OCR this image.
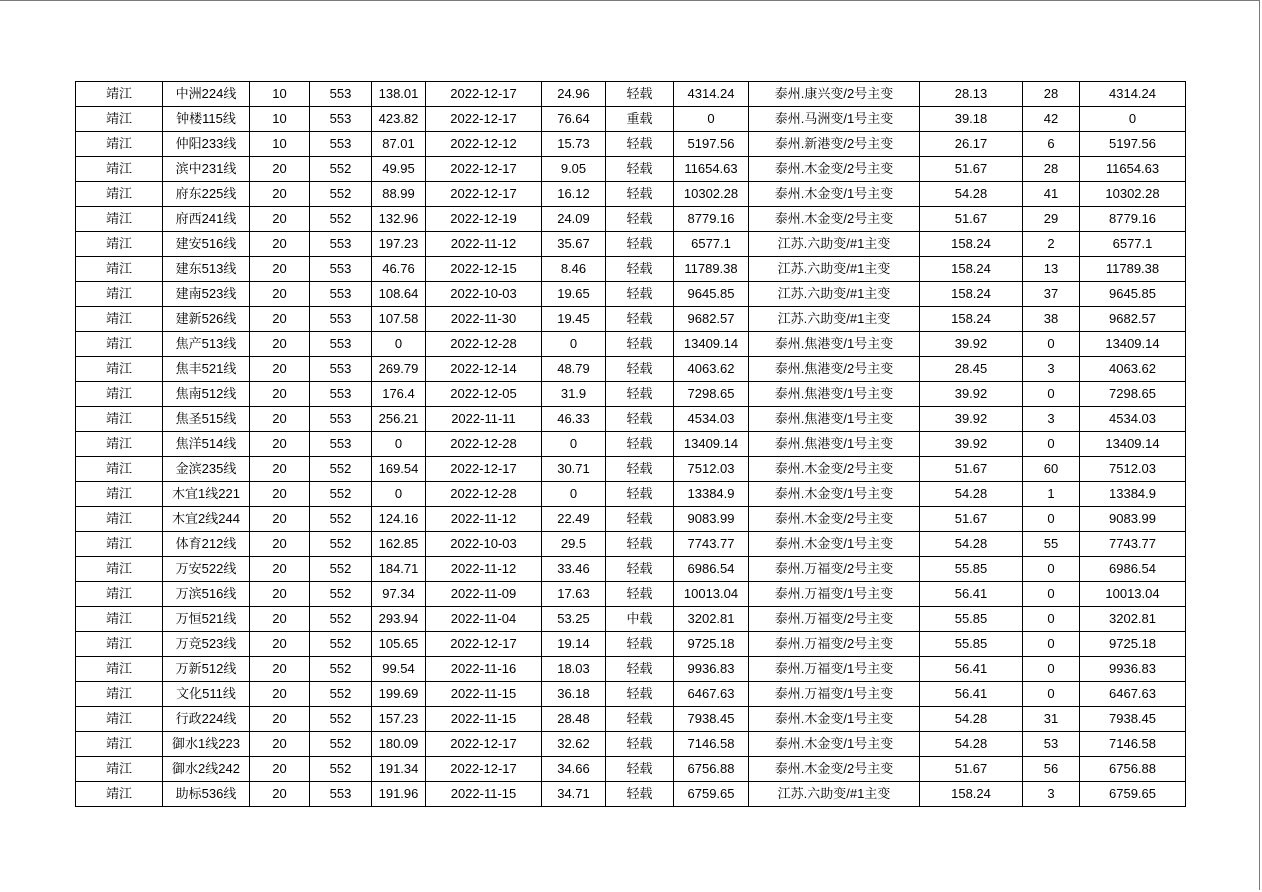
靖江	中洲224线	10	553	138.01	2022-12-17	24.96	轻载	4314.24	泰州.康兴变/2号主变	28.13	28	4314.24
靖江	钟楼115线	10	553	423.82	2022-12-17	76.64	重载	0	泰州.马洲变/1号主变	39.18	42	0
靖江	仲阳233线	10	553	87.01	2022-12-12	15.73	轻载	5197.56	泰州.新港变/2号主变	26.17	6	5197.56
靖江	滨中231线	20	552	49.95	2022-12-17	9.05	轻载	11654.63	泰州.木金变/2号主变	51.67	28	11654.63
靖江	府东225线	20	552	88.99	2022-12-17	16.12	轻载	10302.28	泰州.木金变/1号主变	54.28	41	10302.28
靖江	府西241线	20	552	132.96	2022-12-19	24.09	轻载	8779.16	泰州.木金变/2号主变	51.67	29	8779.16
靖江	建安516线	20	553	197.23	2022-11-12	35.67	轻载	6577.1	江苏.六助变/#1主变	158.24	2	6577.1
靖江	建东513线	20	553	46.76	2022-12-15	8.46	轻载	11789.38	江苏.六助变/#1主变	158.24	13	11789.38
靖江	建南523线	20	553	108.64	2022-10-03	19.65	轻载	9645.85	江苏.六助变/#1主变	158.24	37	9645.85
靖江	建新526线	20	553	107.58	2022-11-30	19.45	轻载	9682.57	江苏.六助变/#1主变	158.24	38	9682.57
靖江	焦产513线	20	553	0	2022-12-28	0	轻载	13409.14	泰州.焦港变/1号主变	39.92	0	13409.14
靖江	焦丰521线	20	553	269.79	2022-12-14	48.79	轻载	4063.62	泰州.焦港变/2号主变	28.45	3	4063.62
靖江	焦南512线	20	553	176.4	2022-12-05	31.9	轻载	7298.65	泰州.焦港变/1号主变	39.92	0	7298.65
靖江	焦圣515线	20	553	256.21	2022-11-11	46.33	轻载	4534.03	泰州.焦港变/1号主变	39.92	3	4534.03
靖江	焦洋514线	20	553	0	2022-12-28	0	轻载	13409.14	泰州.焦港变/1号主变	39.92	0	13409.14
靖江	金滨235线	20	552	169.54	2022-12-17	30.71	轻载	7512.03	泰州.木金变/2号主变	51.67	60	7512.03
靖江	木宜1线221	20	552	0	2022-12-28	0	轻载	13384.9	泰州.木金变/1号主变	54.28	1	13384.9
靖江	木宜2线244	20	552	124.16	2022-11-12	22.49	轻载	9083.99	泰州.木金变/2号主变	51.67	0	9083.99
靖江	体育212线	20	552	162.85	2022-10-03	29.5	轻载	7743.77	泰州.木金变/1号主变	54.28	55	7743.77
靖江	万安522线	20	552	184.71	2022-11-12	33.46	轻载	6986.54	泰州.万福变/2号主变	55.85	0	6986.54
靖江	万滨516线	20	552	97.34	2022-11-09	17.63	轻载	10013.04	泰州.万福变/1号主变	56.41	0	10013.04
靖江	万恒521线	20	552	293.94	2022-11-04	53.25	中载	3202.81	泰州.万福变/2号主变	55.85	0	3202.81
靖江	万竞523线	20	552	105.65	2022-12-17	19.14	轻载	9725.18	泰州.万福变/2号主变	55.85	0	9725.18
靖江	万新512线	20	552	99.54	2022-11-16	18.03	轻载	9936.83	泰州.万福变/1号主变	56.41	0	9936.83
靖江	文化511线	20	552	199.69	2022-11-15	36.18	轻载	6467.63	泰州.万福变/1号主变	56.41	0	6467.63
靖江	行政224线	20	552	157.23	2022-11-15	28.48	轻载	7938.45	泰州.木金变/1号主变	54.28	31	7938.45
靖江	御水1线223	20	552	180.09	2022-12-17	32.62	轻载	7146.58	泰州.木金变/1号主变	54.28	53	7146.58
靖江	御水2线242	20	552	191.34	2022-12-17	34.66	轻载	6756.88	泰州.木金变/2号主变	51.67	56	6756.88
靖江	助标536线	20	553	191.96	2022-11-15	34.71	轻载	6759.65	江苏.六助变/#1主变	158.24	3	6759.65
